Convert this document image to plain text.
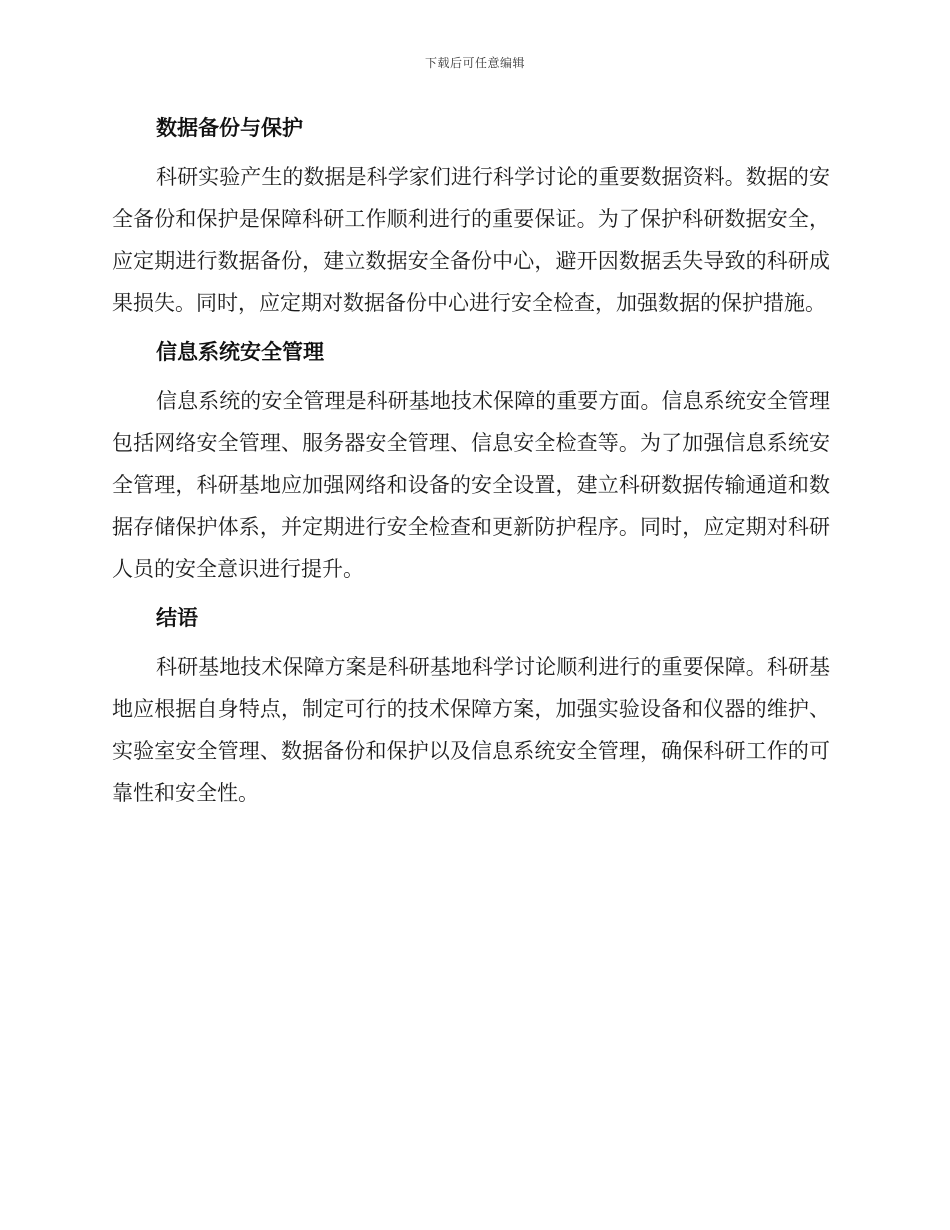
下载后可任意编辑
数据备份与保护

科研实验产生的数据是科学家们进行科学讨论的重要数据资料。数据的安全备份和保护是保障科研工作顺利进行的重要保证。为了保护科研数据安全，应定期进行数据备份，建立数据安全备份中心，避开因数据丢失导致的科研成果损失。同时，应定期对数据备份中心进行安全检查，加强数据的保护措施。

信息系统安全管理

信息系统的安全管理是科研基地技术保障的重要方面。信息系统安全管理包括网络安全管理、服务器安全管理、信息安全检查等。为了加强信息系统安全管理，科研基地应加强网络和设备的安全设置，建立科研数据传输通道和数据存储保护体系，并定期进行安全检查和更新防护程序。同时，应定期对科研人员的安全意识进行提升。

结语

科研基地技术保障方案是科研基地科学讨论顺利进行的重要保障。科研基地应根据自身特点，制定可行的技术保障方案，加强实验设备和仪器的维护、实验室安全管理、数据备份和保护以及信息系统安全管理，确保科研工作的可靠性和安全性。
